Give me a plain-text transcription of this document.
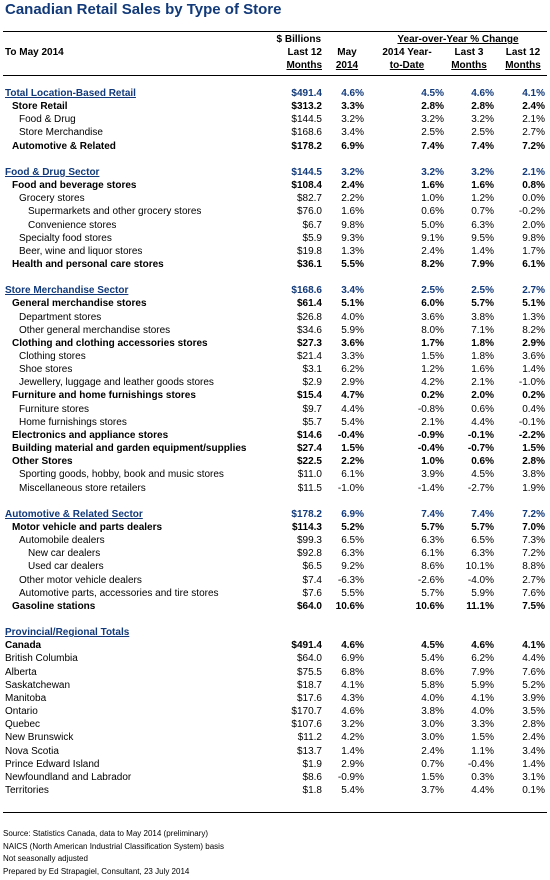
Canadian Retail Sales by Type of Store
To May 2014
$ Billions	Year-over-Year % Change
Last 12
Months
May
2014
2014 Year-
to-Date
Last 3
Months
Last 12
Months
Total Location-Based Retail	$491.4 4.6%	4.5%	4.6%	4.1%
Store Retail	$313.2 3.3%	2.8%	2.8%	2.4%
Food & Drug	$144.5 3.2%	3.2%	3.2%	2.1%
Store Merchandise	$168.6 3.4%	2.5%	2.5%	2.7%
Automotive & Related	$178.2 6.9%	7.4%	7.4%	7.2%
Food & Drug Sector	$144.5 3.2%	3.2%	3.2%	2.1%
Food and beverage stores	$108.4 2.4%	1.6%	1.6%	0.8%
Grocery stores	$82.7 2.2%	1.0%	1.2%	0.0%
Supermarkets and other grocery stores	$76.0 1.6%	0.6%	0.7% -0.2%
Convenience stores	$6.7 9.8%	5.0%	6.3%	2.0%
Specialty food stores	$5.9 9.3%	9.1%	9.5%	9.8%
Beer, wine and liquor stores	$19.8 1.3%	2.4%	1.4%	1.7%
Health and personal care stores	$36.1 5.5%	8.2%	7.9%	6.1%
Store Merchandise Sector	$168.6 3.4%	2.5%	2.5%	2.7%
General merchandise stores	$61.4 5.1%	6.0%	5.7%	5.1%
Department stores	$26.8 4.0%	3.6%	3.8%	1.3%
Other general merchandise stores	$34.6 5.9%	8.0%	7.1%	8.2%
Clothing and clothing accessories stores	$27.3 3.6%	1.7%	1.8%	2.9%
Clothing stores	$21.4 3.3%	1.5%	1.8%	3.6%
Shoe stores	$3.1 6.2%	1.2%	1.6%	1.4%
Jewellery, luggage and leather goods stores	$2.9 2.9%	4.2%	2.1% -1.0%
Furniture and home furnishings stores	$15.4 4.7%	0.2%	2.0%	0.2%
Furniture stores	$9.7 4.4%	-0.8%	0.6%	0.4%
Home furnishings stores	$5.7 5.4%	2.1%	4.4% -0.1%
Electronics and appliance stores	$14.6 -0.4%	-0.9% -0.1% -2.2%
Building material and garden equipment/supplies	$27.4 1.5%	-0.4% -0.7%	1.5%
Other Stores	$22.5 2.2%	1.0%	0.6%	2.8%
Sporting goods, hobby, book and music stores	$11.0 6.1%	3.9%	4.5%	3.8%
Miscellaneous store retailers	$11.5 -1.0%	-1.4% -2.7%	1.9%
Automotive & Related Sector	$178.2 6.9%	7.4%	7.4%	7.2%
Motor vehicle and parts dealers	$114.3 5.2%	5.7%	5.7%	7.0%
Automobile dealers	$99.3 6.5%	6.3%	6.5%	7.3%
New car dealers	$92.8 6.3%	6.1%	6.3%	7.2%
Used car dealers	$6.5 9.2%	8.6% 10.1%	8.8%
Other motor vehicle dealers	$7.4 -6.3%	-2.6% -4.0%	2.7%
Automotive parts, accessories and tire stores	$7.6 5.5%	5.7%	5.9%	7.6%
Gasoline stations	$64.0 10.6%	10.6% 11.1%	7.5%
Provincial/Regional Totals
Canada	$491.4 4.6%	4.5%	4.6%	4.1%
British Columbia	$64.0 6.9%	5.4%	6.2%	4.4%
Alberta	$75.5 6.8%	8.6%	7.9%	7.6%
Saskatchewan	$18.7 4.1%	5.8%	5.9%	5.2%
Manitoba	$17.6 4.3%	4.0%	4.1%	3.9%
Ontario	$170.7 4.6%	3.8%	4.0%	3.5%
Quebec	$107.6 3.2%	3.0%	3.3%	2.8%
New Brunswick	$11.2 4.2%	3.0%	1.5%	2.4%
Nova Scotia	$13.7 1.4%	2.4%	1.1%	3.4%
Prince Edward Island	$1.9 2.9%	0.7% -0.4%	1.4%
Newfoundland and Labrador	$8.6 -0.9%	1.5%	0.3%	3.1%
Territories	$1.8 5.4%	3.7%	4.4%	0.1%
Source: Statistics Canada, data to May 2014 (preliminary)
NAICS (North American Industrial Classification System) basis
Not seasonally adjusted
Prepared by Ed Strapagiel, Consultant, 23 July 2014
